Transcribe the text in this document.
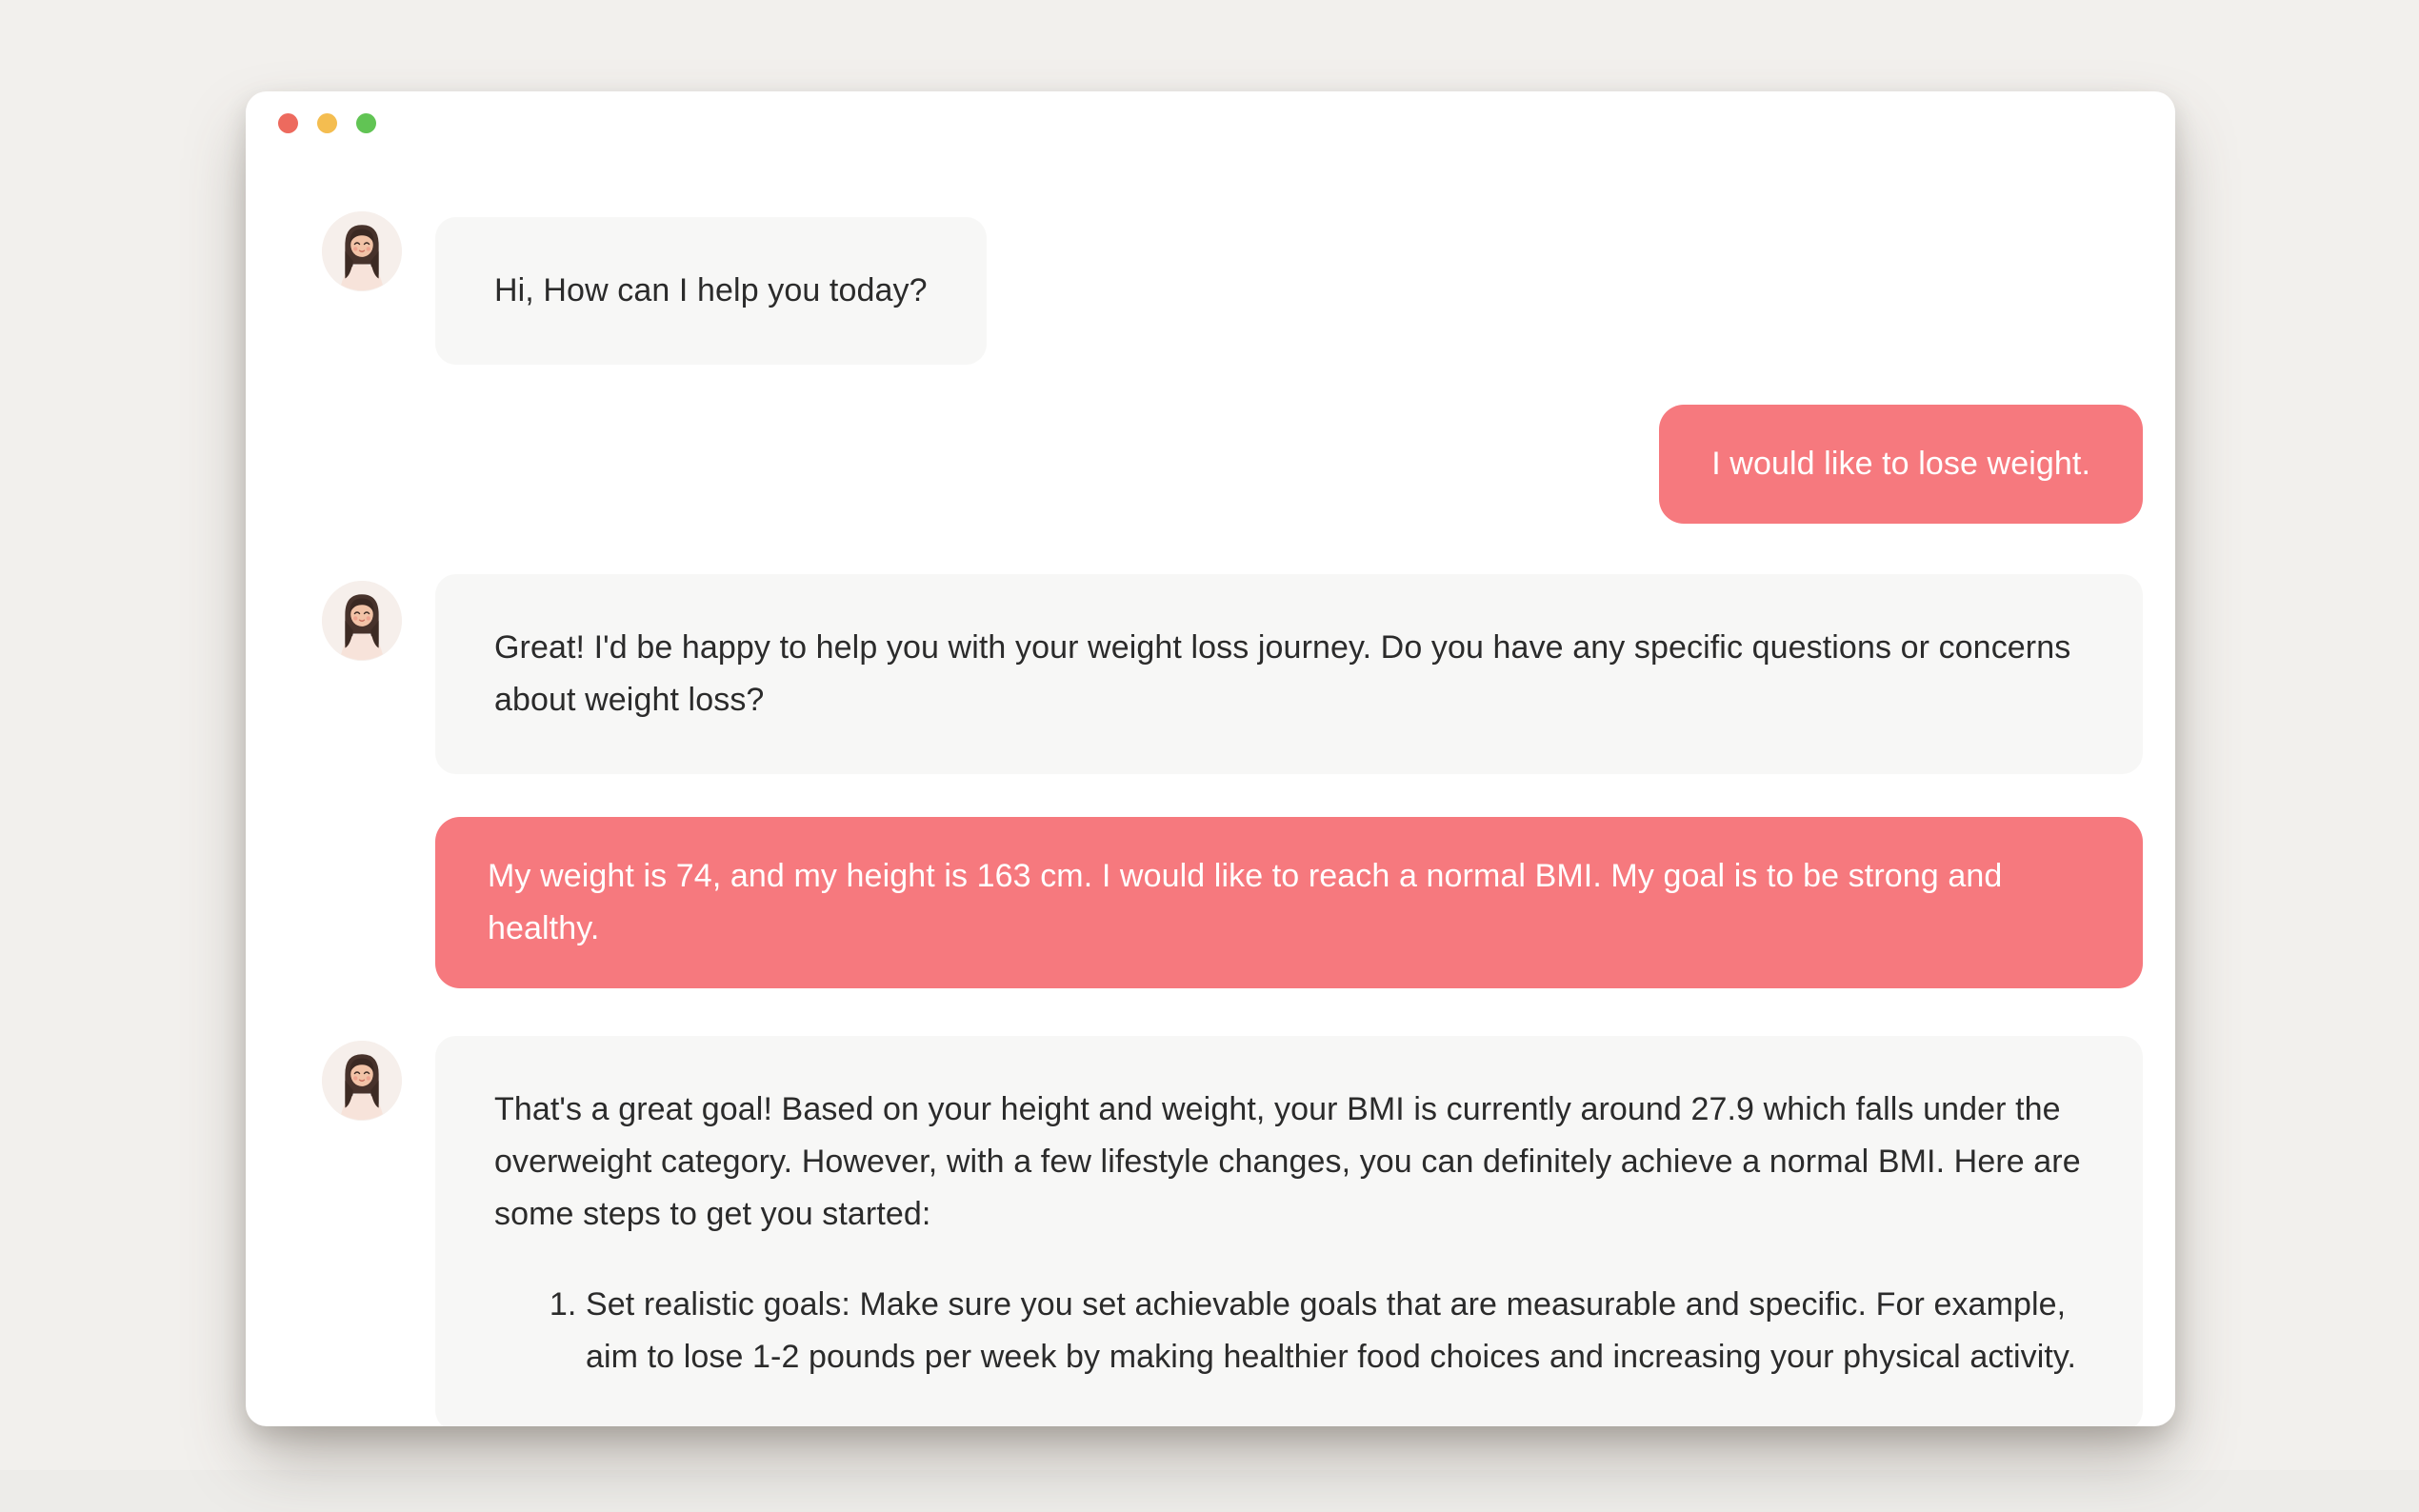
Hi, How can I help you today?
I would like to lose weight.
Great! I'd be happy to help you with your weight loss journey. Do you have any specific questions or concerns about weight loss?
My weight is 74, and my height is 163 cm. I would like to reach a normal BMI. My goal is to be strong and healthy.

That's a great goal! Based on your height and weight, your BMI is currently around 27.9 which falls under the overweight category. However, with a few lifestyle changes, you can definitely achieve a normal BMI. Here are some steps to get you started:

1. Set realistic goals: Make sure you set achievable goals that are measurable and specific. For example, aim to lose 1-2 pounds per week by making healthier food choices and increasing your physical activity.
